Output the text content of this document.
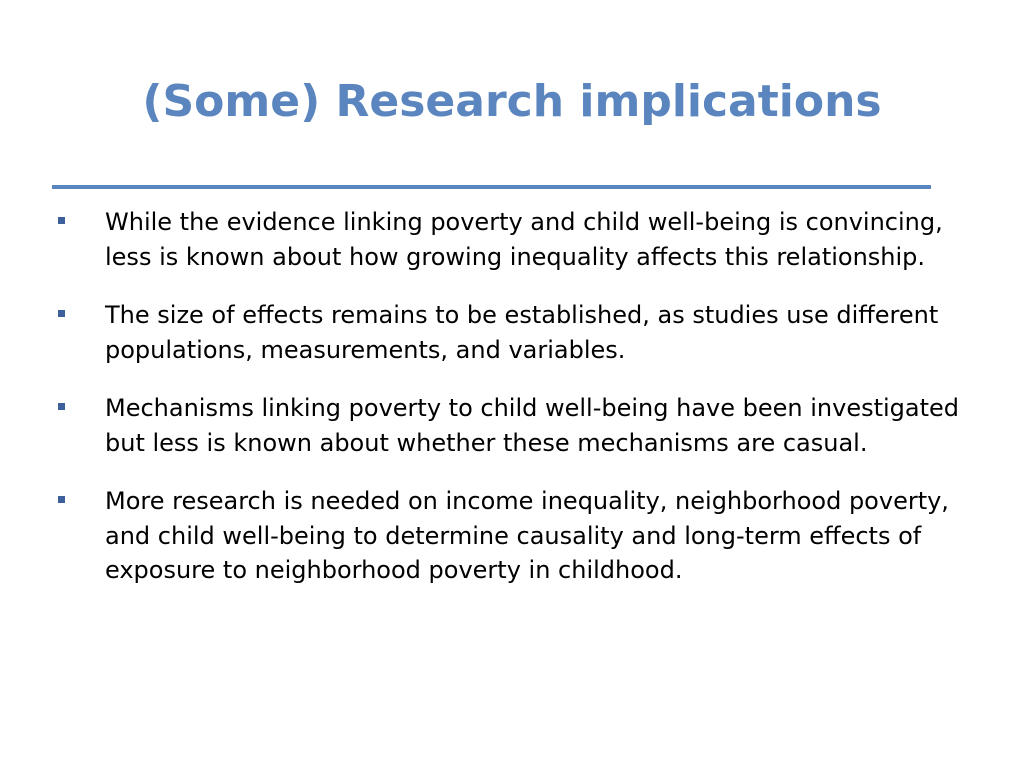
(Some) Research implications
While the evidence linking poverty and child well-being is convincing, less is known about how growing inequality affects this relationship.
The size of effects remains to be established, as studies use different populations, measurements, and variables.
Mechanisms linking poverty to child well-being have been investigated but less is known about whether these mechanisms are casual.
More research is needed on income inequality, neighborhood poverty, and child well-being to determine causality and long-term effects of exposure to neighborhood poverty in childhood.
